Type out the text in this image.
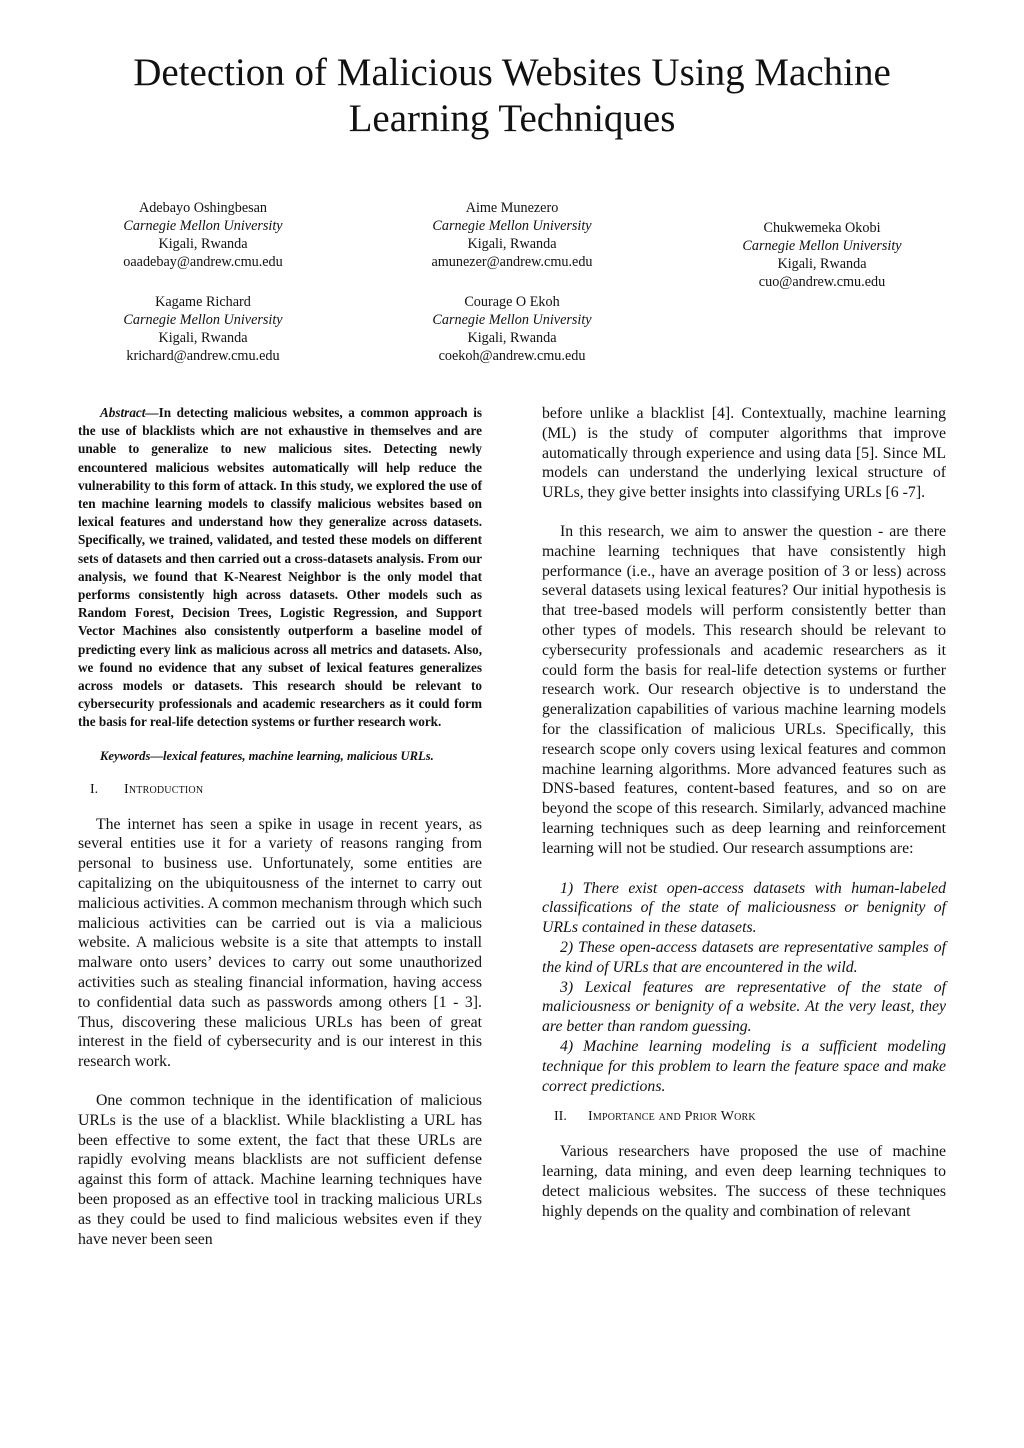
Detection of Malicious Websites Using Machine Learning Techniques
Adebayo Oshingbesan
Carnegie Mellon University
Kigali, Rwanda
oaadebay@andrew.cmu.edu
Aime Munezero
Carnegie Mellon University
Kigali, Rwanda
amunezer@andrew.cmu.edu
Chukwemeka Okobi
Carnegie Mellon University
Kigali, Rwanda
cuo@andrew.cmu.edu
Kagame Richard
Carnegie Mellon University
Kigali, Rwanda
krichard@andrew.cmu.edu
Courage O Ekoh
Carnegie Mellon University
Kigali, Rwanda
coekoh@andrew.cmu.edu

Abstract—In detecting malicious websites, a common approach is the use of blacklists which are not exhaustive in themselves and are unable to generalize to new malicious sites. Detecting newly encountered malicious websites automatically will help reduce the vulnerability to this form of attack. In this study, we explored the use of ten machine learning models to classify malicious websites based on lexical features and understand how they generalize across datasets. Specifically, we trained, validated, and tested these models on different sets of datasets and then carried out a cross-datasets analysis. From our analysis, we found that K-Nearest Neighbor is the only model that performs consistently high across datasets. Other models such as Random Forest, Decision Trees, Logistic Regression, and Support Vector Machines also consistently outperform a baseline model of predicting every link as malicious across all metrics and datasets. Also, we found no evidence that any subset of lexical features generalizes across models or datasets. This research should be relevant to cybersecurity professionals and academic researchers as it could form the basis for real-life detection systems or further research work.

Keywords—lexical features, machine learning, malicious URLs.

I. Introduction

The internet has seen a spike in usage in recent years, as several entities use it for a variety of reasons ranging from personal to business use. Unfortunately, some entities are capitalizing on the ubiquitousness of the internet to carry out malicious activities. A common mechanism through which such malicious activities can be carried out is via a malicious website. A malicious website is a site that attempts to install malware onto users’ devices to carry out some unauthorized activities such as stealing financial information, having access to confidential data such as passwords among others [1 - 3]. Thus, discovering these malicious URLs has been of great interest in the field of cybersecurity and is our interest in this research work.

One common technique in the identification of malicious URLs is the use of a blacklist. While blacklisting a URL has been effective to some extent, the fact that these URLs are rapidly evolving means blacklists are not sufficient defense against this form of attack. Machine learning techniques have been proposed as an effective tool in tracking malicious URLs as they could be used to find malicious websites even if they have never been seen

before unlike a blacklist [4]. Contextually, machine learning (ML) is the study of computer algorithms that improve automatically through experience and using data [5]. Since ML models can understand the underlying lexical structure of URLs, they give better insights into classifying URLs [6 -7].

In this research, we aim to answer the question - are there machine learning techniques that have consistently high performance (i.e., have an average position of 3 or less) across several datasets using lexical features? Our initial hypothesis is that tree-based models will perform consistently better than other types of models. This research should be relevant to cybersecurity professionals and academic researchers as it could form the basis for real-life detection systems or further research work. Our research objective is to understand the generalization capabilities of various machine learning models for the classification of malicious URLs. Specifically, this research scope only covers using lexical features and common machine learning algorithms. More advanced features such as DNS-based features, content-based features, and so on are beyond the scope of this research. Similarly, advanced machine learning techniques such as deep learning and reinforcement learning will not be studied. Our research assumptions are:

1) There exist open-access datasets with human-labeled classifications of the state of maliciousness or benignity of URLs contained in these datasets.

2) These open-access datasets are representative samples of the kind of URLs that are encountered in the wild.

3) Lexical features are representative of the state of maliciousness or benignity of a website. At the very least, they are better than random guessing.

4) Machine learning modeling is a sufficient modeling technique for this problem to learn the feature space and make correct predictions.

II. Importance and Prior Work

Various researchers have proposed the use of machine learning, data mining, and even deep learning techniques to detect malicious websites. The success of these techniques highly depends on the quality and combination of relevant
